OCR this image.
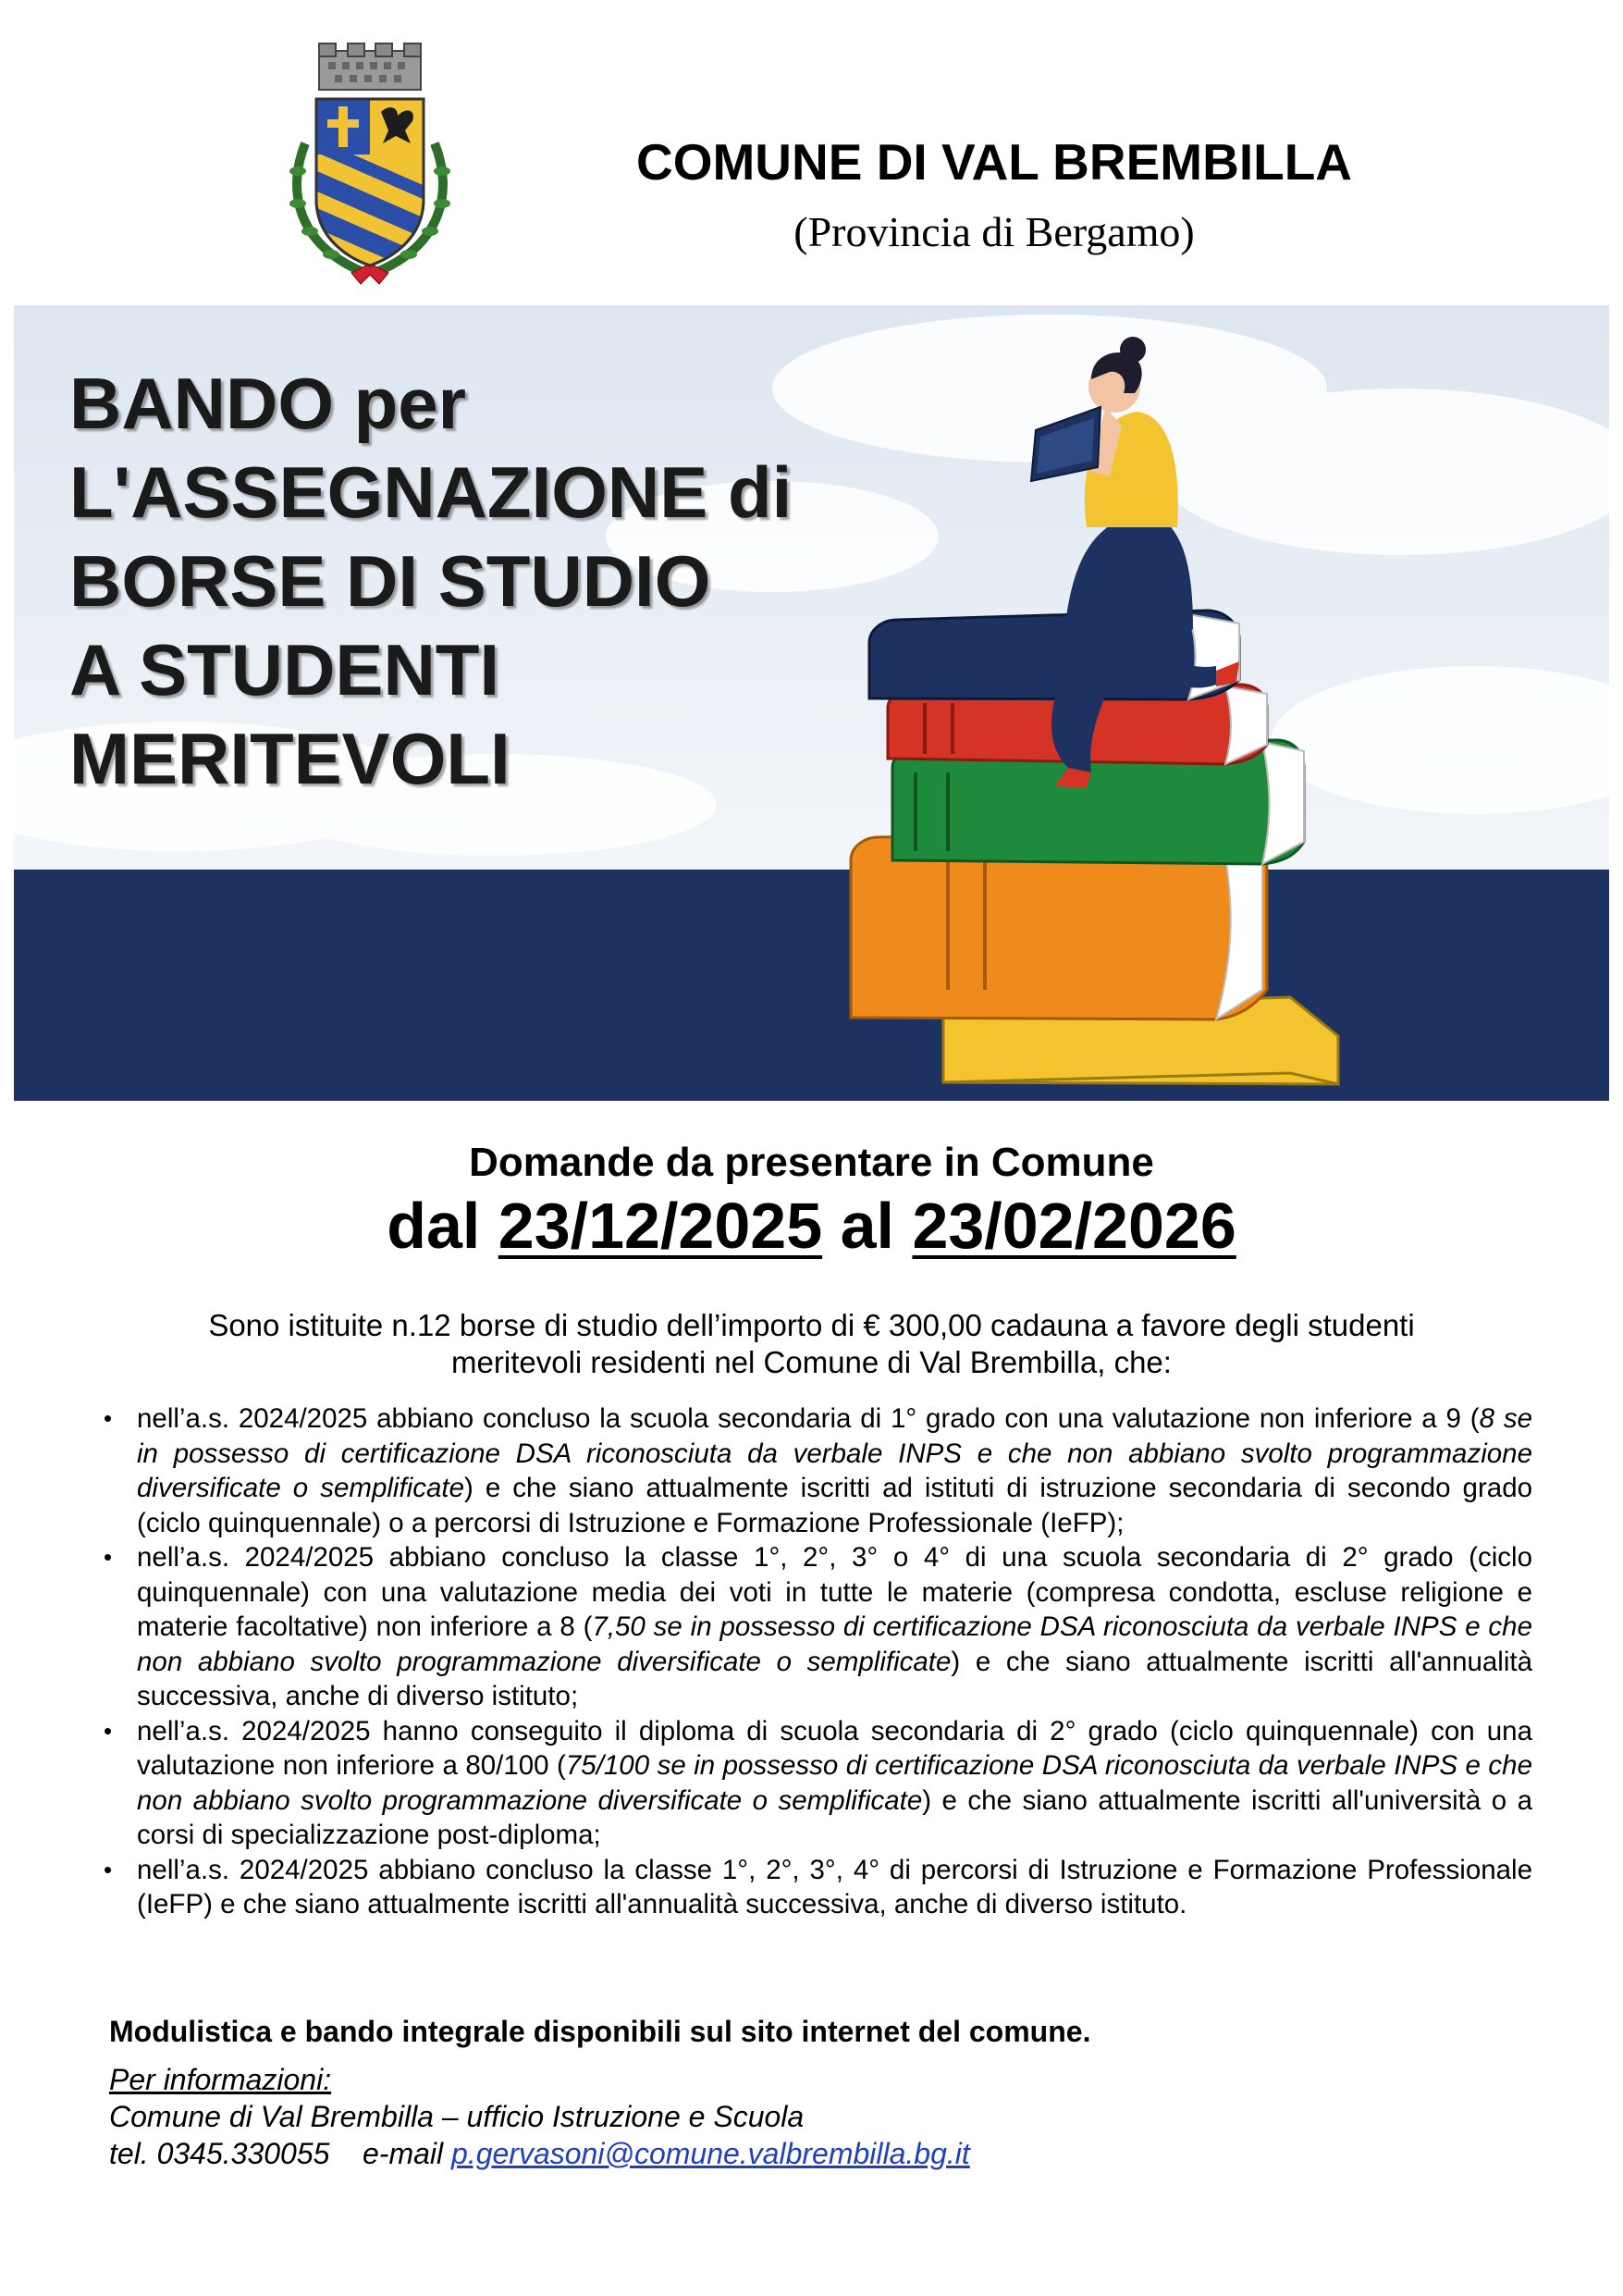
COMUNE DI VAL BREMBILLA
(Provincia di Bergamo)
BANDO per
L'ASSEGNAZIONE di
BORSE DI STUDIO
A STUDENTI
MERITEVOLI
Domande da presentare in Comune
dal 23/12/2025 al 23/02/2026
Sono istituite n.12 borse di studio dell’importo di € 300,00 cadauna a favore degli studenti
meritevoli residenti nel Comune di Val Brembilla, che:
• nell’a.s. 2024/2025 abbiano concluso la scuola secondaria di 1° grado con una valutazione non inferiore a 9 (8 se in possesso di certificazione DSA riconosciuta da verbale INPS e che non abbiano svolto programmazione diversificate o semplificate) e che siano attualmente iscritti ad istituti di istruzione secondaria di secondo grado (ciclo quinquennale) o a percorsi di Istruzione e Formazione Professionale (IeFP);
• nell’a.s. 2024/2025 abbiano concluso la classe 1°, 2°, 3° o 4° di una scuola secondaria di 2° grado (ciclo quinquennale) con una valutazione media dei voti in tutte le materie (compresa condotta, escluse religione e materie facoltative) non inferiore a 8 (7,50 se in possesso di certificazione DSA riconosciuta da verbale INPS e che non abbiano svolto programmazione diversificate o semplificate) e che siano attualmente iscritti all'annualità successiva, anche di diverso istituto;
• nell’a.s. 2024/2025 hanno conseguito il diploma di scuola secondaria di 2° grado (ciclo quinquennale) con una valutazione non inferiore a 80/100 (75/100 se in possesso di certificazione DSA riconosciuta da verbale INPS e che non abbiano svolto programmazione diversificate o semplificate) e che siano attualmente iscritti all'università o a corsi di specializzazione post-diploma;
• nell’a.s. 2024/2025 abbiano concluso la classe 1°, 2°, 3°, 4° di percorsi di Istruzione e Formazione Professionale (IeFP) e che siano attualmente iscritti all'annualità successiva, anche di diverso istituto.
Modulistica e bando integrale disponibili sul sito internet del comune.
Per informazioni:
Comune di Val Brembilla – ufficio Istruzione e Scuola
tel. 0345.330055 e-mail p.gervasoni@comune.valbrembilla.bg.it
